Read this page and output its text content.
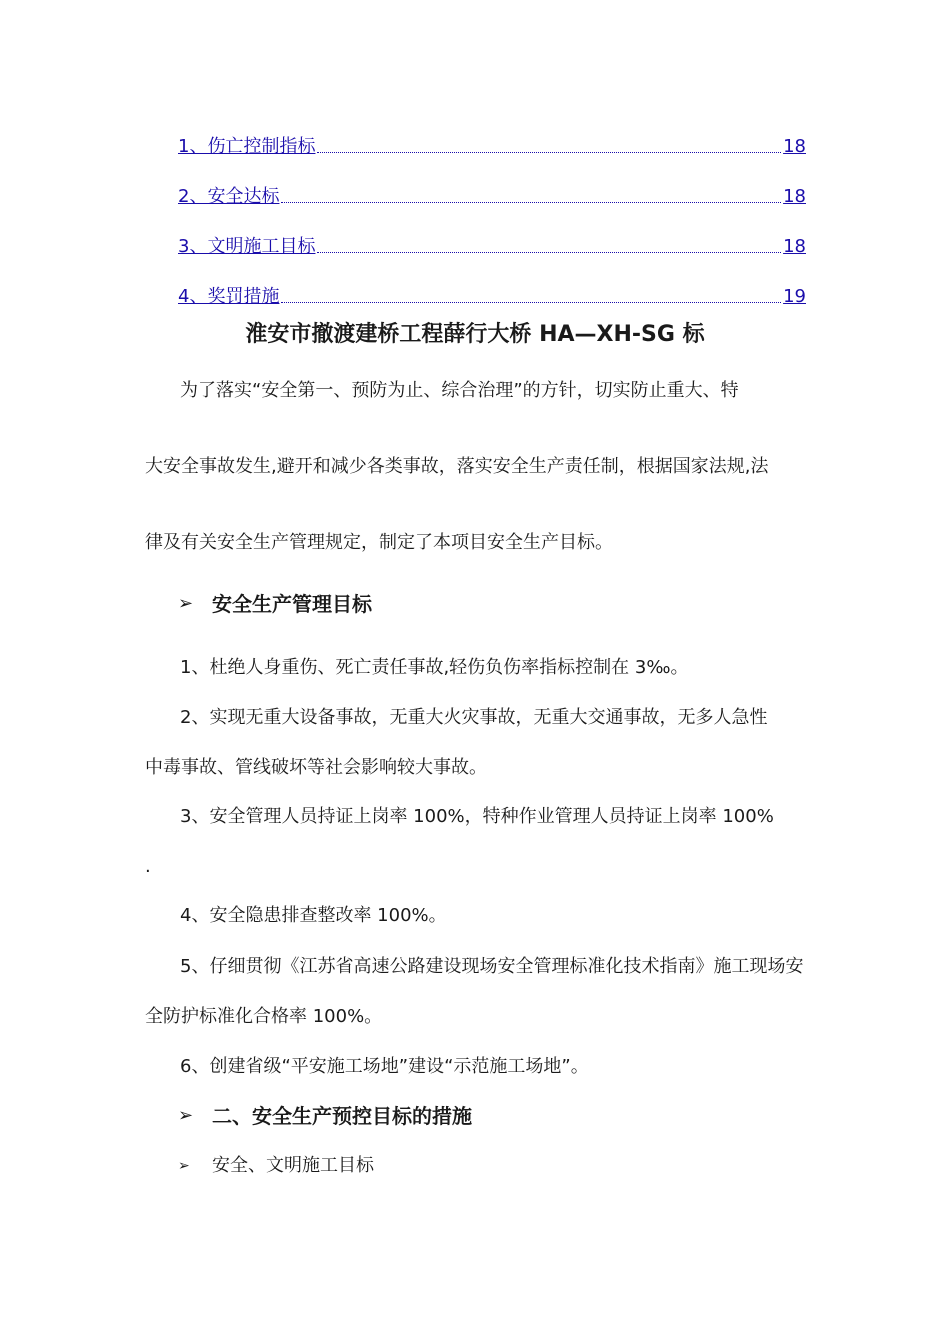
1、伤亡控制指标	18
2、安全达标	18
3、文明施工目标	18
4、奖罚措施	19
淮安市撤渡建桥工程薛行大桥 HA—XH-SG 标
为了落实“安全第一、预防为止、综合治理”的方针，切实防止重大、特
大安全事故发生,避开和减少各类事故，落实安全生产责任制，根据国家法规,法
律及有关安全生产管理规定，制定了本项目安全生产目标。
➢ 安全生产管理目标
1、杜绝人身重伤、死亡责任事故,轻伤负伤率指标控制在 3‰。
2、实现无重大设备事故，无重大火灾事故，无重大交通事故，无多人急性
中毒事故、管线破坏等社会影响较大事故。
3、安全管理人员持证上岗率 100%，特种作业管理人员持证上岗率 100%
.
4、安全隐患排查整改率 100%。
5、仔细贯彻《江苏省高速公路建设现场安全管理标准化技术指南》施工现场安
全防护标准化合格率 100%。
6、创建省级“平安施工场地”建设“示范施工场地”。
➢ 二、安全生产预控目标的措施
➢	安全、文明施工目标
